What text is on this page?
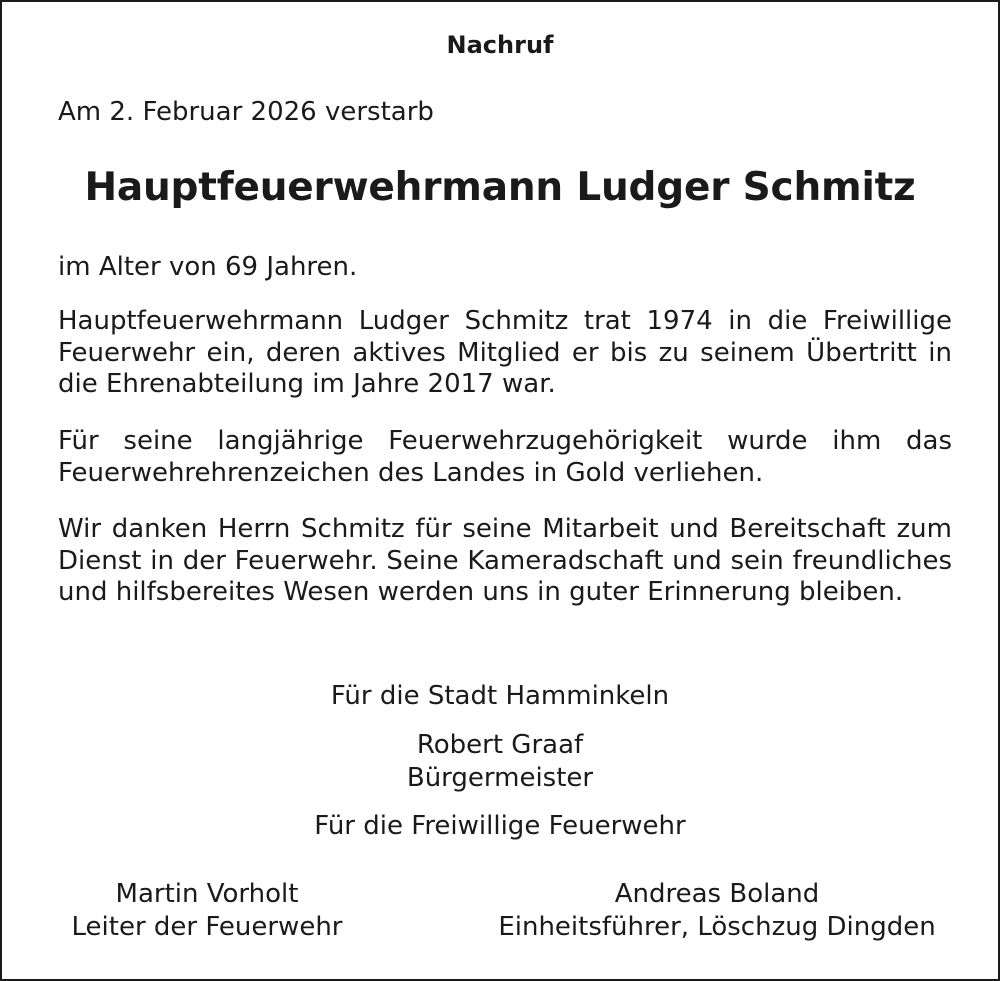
Nachruf
Am 2. Februar 2026 verstarb
Hauptfeuerwehrmann Ludger Schmitz
im Alter von 69 Jahren.

Hauptfeuerwehrmann Ludger Schmitz trat 1974 in die Freiwillige Feuerwehr ein, deren aktives Mitglied er bis zu seinem Übertritt in die Ehrenabteilung im Jahre 2017 war.

Für seine langjährige Feuerwehrzugehörigkeit wurde ihm das Feuerwehrehrenzeichen des Landes in Gold verliehen.

Wir danken Herrn Schmitz für seine Mitarbeit und Bereitschaft zum Dienst in der Feuerwehr. Seine Kameradschaft und sein freundliches und hilfsbereites Wesen werden uns in guter Erinnerung bleiben.

Für die Stadt Hamminkeln
Robert Graaf
Bürgermeister
Für die Freiwillige Feuerwehr
Martin Vorholt
Leiter der Feuerwehr
Andreas Boland
Einheitsführer, Löschzug Dingden
